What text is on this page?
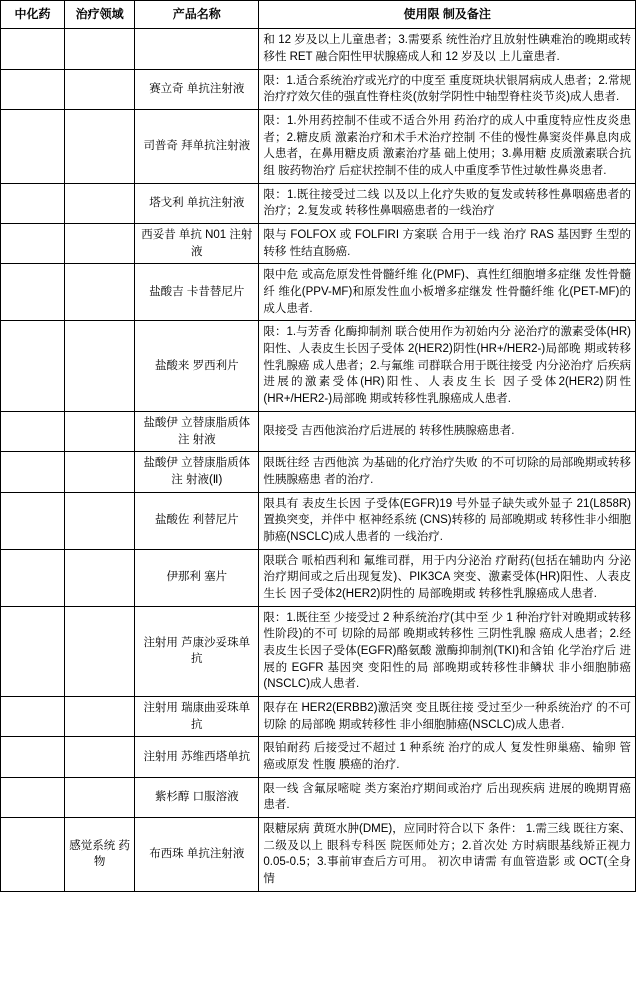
中化药	治疗领域	产品名称	使用限 制及备注
			和 12 岁及以上儿童患者；3.需要系 统性治疗且放射性碘难治的晚期或转 移性 RET 融合阳性甲状腺癌成人和 12 岁及以 上儿童患者.
		赛立奇 单抗注射液	限：1.适合系统治疗或光疗的中度至 重度斑块状银屑病成人患者；2.常规治疗疗效欠佳的强直性脊柱炎(放射学阴性中轴型脊柱炎节炎)成人患者.
		司普奇 拜单抗注射液	限：1.外用药控制不佳或不适合外用 药治疗的成人中重度特应性皮炎患者；2.糖皮质 激素治疗和术手术治疗控制 不佳的慢性鼻窦炎伴鼻息肉成人患者，在鼻用糖皮质 激素治疗基 础上使用；3.鼻用糖 皮质激素联合抗组 胺药物治疗 后症状控制不佳的成人中重度季节性过敏性鼻炎患者.
		塔戈利 单抗注射液	限：1.既往接受过二线 以及以上化疗失败的复发或转移性鼻咽癌患者的治疗；2.复发或 转移性鼻咽癌患者的一线治疗
		西妥昔 单抗 N01 注射液	限与 FOLFOX 或 FOLFIRI 方案联 合用于一线 治疗 RAS 基因野 生型的转移 性结直肠癌.
		盐酸吉 卡昔替尼片	限中危 或高危原发性骨髓纤维 化(PMF)、真性红细胞增多症继 发性骨髓纤 维化(PPV-MF)和原发性血小板增多症继发 性骨髓纤维 化(PET-MF)的成人患者.
		盐酸来 罗西利片	限：1.与芳香 化酶抑制剂 联合使用作为初始内分 泌治疗的激素受体(HR)阳性、人表皮生长因子受体 2(HER2)阴性(HR+/HER2-)局部晚 期或转移性乳腺癌 成人患者；2.与氟维 司群联合用于既往接受 内分泌治疗 后疾病进展的激素受体(HR)阳性、人表皮生长 因子受体2(HER2)阴性(HR+/HER2-)局部晚 期或转移性乳腺癌成人患者.
		盐酸伊 立替康脂质体注 射液	限接受 吉西他滨治疗后进展的 转移性胰腺癌患者.
		盐酸伊 立替康脂质体注 射液(Ⅱ)	限既往经 吉西他滨 为基础的化疗治疗失败 的不可切除的局部晚期或转移 性胰腺癌患 者的治疗.
		盐酸佐 利替尼片	限具有 表皮生长因 子受体(EGFR)19 号外显子缺失或外显子 21(L858R)置换突变，并伴中 枢神经系统 (CNS)转移的 局部晚期或 转移性非小细胞肺癌(NSCLC)成人患者的 一线治疗.
		伊那利 塞片	限联合 哌柏西利和 氟维司群，用于内分泌治 疗耐药(包括在辅助内 分泌治疗期间或之后出现复发)、PIK3CA 突变、激素受体(HR)阳性、人表皮生长 因子受体2(HER2)阴性的 局部晚期或 转移性乳腺癌成人患者.
		注射用 芦康沙妥珠单抗	限：1.既往至 少接受过 2 种系统治疗(其中至 少 1 种治疗针对晚期或转移性阶段)的不可 切除的局部 晚期或转移性 三阴性乳腺 癌成人患者；2.经表皮生长因子受体(EGFR)酪氨酸 激酶抑制剂(TKI)和含铂 化学治疗后 进展的 EGFR 基因突 变阳性的局 部晚期或转移性非鳞状 非小细胞肺癌(NSCLC)成人患者.
		注射用 瑞康曲妥珠单抗	限存在 HER2(ERBB2)激活突 变且既往接 受过至少一种系统治疗 的不可切除 的局部晚 期或转移性 非小细胞肺癌(NSCLC)成人患者.
		注射用 苏维西塔单抗	限铂耐药 后接受过不超过 1 种系统 治疗的成人 复发性卵巢癌、输卵 管癌或原发 性腹 膜癌的治疗.
		紫杉醇 口服溶液	限一线 含氟尿嘧啶 类方案治疗期间或治疗 后出现疾病 进展的晚期胃癌患者.
	感觉系统 药物	布西珠 单抗注射液	限糖尿病 黄斑水肿(DME)，应同时符合以下 条件： 1.需三线 既往方案、二级及以上 眼科专科医 院医师处方；2.首次处 方时病眼基线矫正视力 0.05-0.5；3.事前审查后方可用。 初次申请需 有血管造影 或 OCT(全身情
